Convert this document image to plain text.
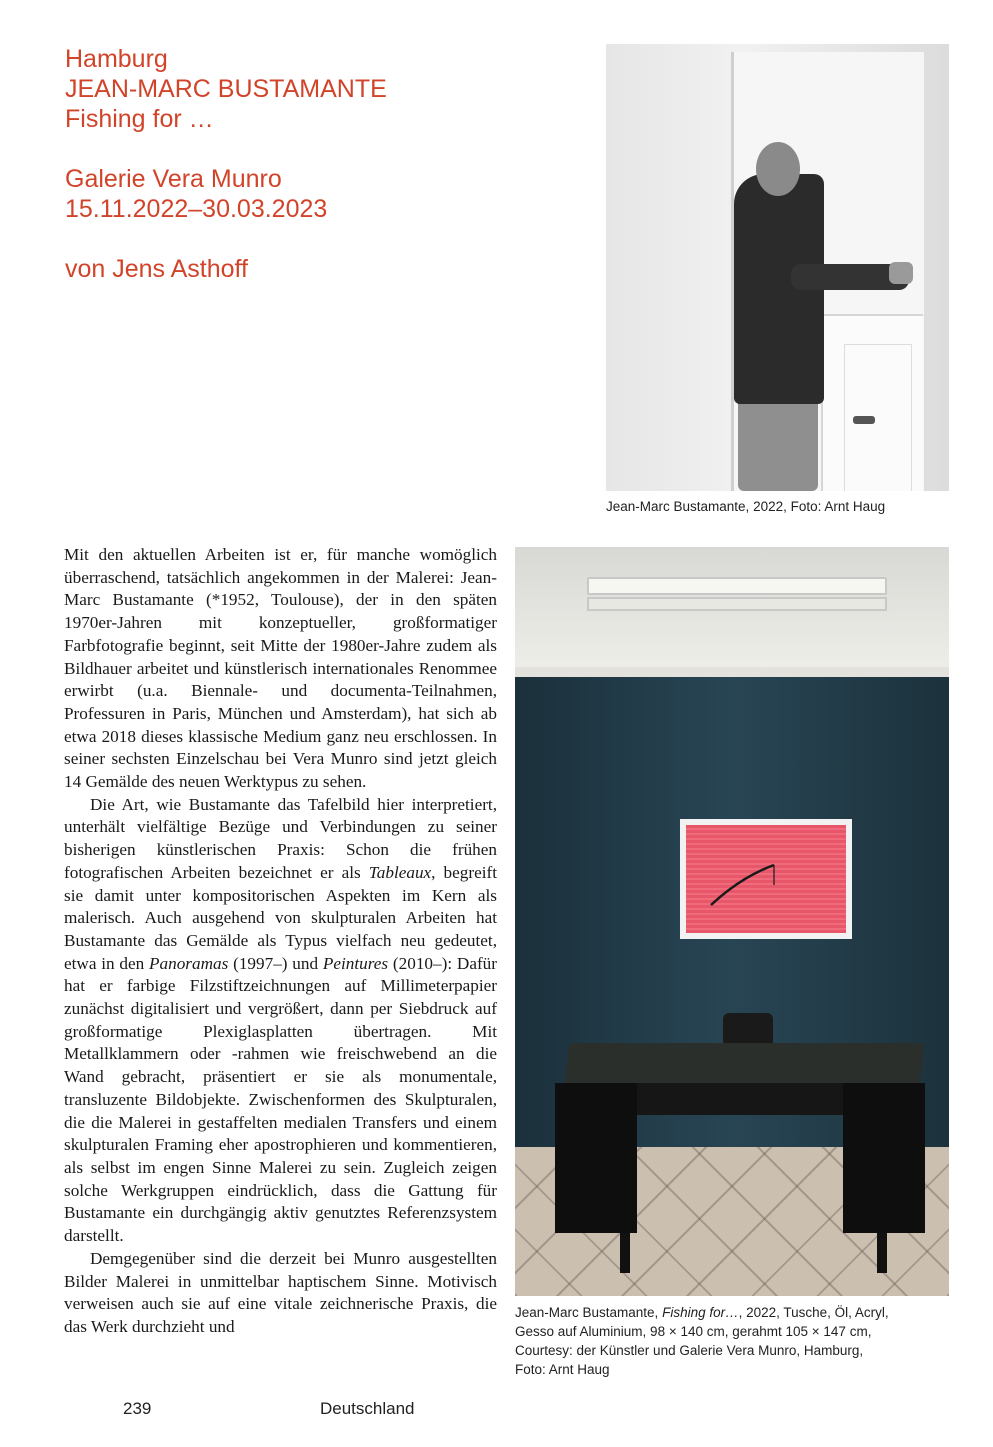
Hamburg
JEAN-MARC BUSTAMANTE
Fishing for …
Galerie Vera Munro
15.11.2022–30.03.2023
von Jens Asthoff
Jean-Marc Bustamante, 2022, Foto: Arnt Haug
Jean-Marc Bustamante, Fishing for…, 2022, Tusche, Öl, Acryl,
Gesso auf Aluminium, 98 × 140 cm, gerahmt 105 × 147 cm,
Courtesy: der Künstler und Galerie Vera Munro, Hamburg,
Foto: Arnt Haug

Mit den aktuellen Arbeiten ist er, für manche womöglich überraschend, tatsächlich angekommen in der Malerei: Jean-Marc Bustamante (*1952, Toulouse), der in den späten 1970er-Jahren mit konzeptueller, großformatiger Farbfotografie beginnt, seit Mitte der 1980er-Jahre zudem als Bildhauer arbeitet und künstlerisch internationales Renommee erwirbt (u.a. Biennale- und documenta-Teilnahmen, Professuren in Paris, München und Amsterdam), hat sich ab etwa 2018 dieses klassische Medium ganz neu erschlossen. In seiner sechsten Einzelschau bei Vera Munro sind jetzt gleich 14 Gemälde des neuen Werktypus zu sehen.

Die Art, wie Bustamante das Tafelbild hier interpretiert, unterhält vielfältige Bezüge und Verbindungen zu seiner bisherigen künstlerischen Praxis: Schon die frühen fotografischen Arbeiten bezeichnet er als Tableaux, begreift sie damit unter kompositorischen Aspekten im Kern als malerisch. Auch ausgehend von skulpturalen Arbeiten hat Bustamante das Gemälde als Typus vielfach neu gedeutet, etwa in den Panoramas (1997–) und Peintures (2010–): Dafür hat er farbige Filzstiftzeichnungen auf Millimeterpapier zunächst digitalisiert und vergrößert, dann per Siebdruck auf großformatige Plexiglasplatten übertragen. Mit Metallklammern oder -rahmen wie freischwebend an die Wand gebracht, präsentiert er sie als monumentale, transluzente Bildobjekte. Zwischenformen des Skulpturalen, die die Malerei in gestaffelten medialen Transfers und einem skulpturalen Framing eher apostrophieren und kommentieren, als selbst im engen Sinne Malerei zu sein. Zugleich zeigen solche Werkgruppen eindrücklich, dass die Gattung für Bustamante ein durchgängig aktiv genutztes Referenzsystem darstellt.

Demgegenüber sind die derzeit bei Munro ausgestellten Bilder Malerei in unmittelbar haptischem Sinne. Motivisch verweisen auch sie auf eine vitale zeichnerische Praxis, die das Werk durchzieht und

239	Deutschland
